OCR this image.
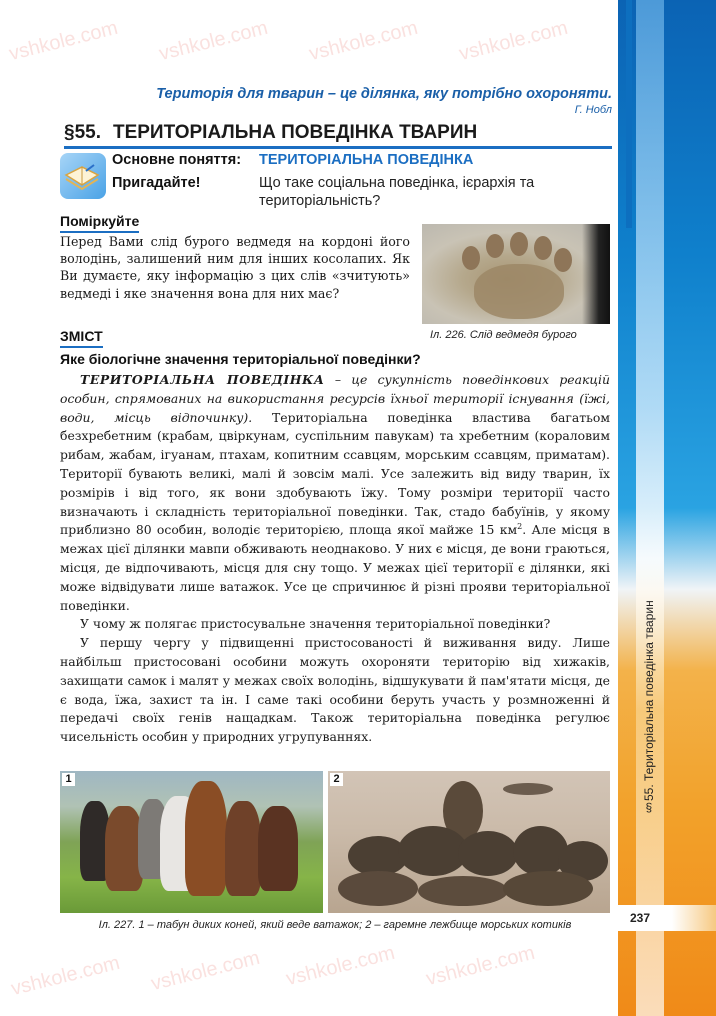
vshkole.com vshkole.com vshkole.com vshkole.com
vshkole.com vshkole.com vshkole.com vshkole.com
Територія для тварин – це ділянка, яку потрібно охороняти.
Г. Нобл
§55. ТЕРИТОРІАЛЬНА ПОВЕДІНКА ТВАРИН
Основне поняття:	ТЕРИТОРІАЛЬНА ПОВЕДІНКА
Пригадайте!	Що таке соціальна поведінка, ієрархія та територіальність?
Поміркуйте
Перед Вами слід бурого ведмедя на кордоні його володінь, залишений ним для інших косолапих. Як Ви думаєте, яку інформацію з цих слів «зчитують» ведмеді і яке значення вона для них має?
Іл. 226. Слід ведмедя бурого
ЗМІСТ
Яке біологічне значення територіальної поведінки?

ТЕРИТОРІАЛЬНА ПОВЕДІНКА – це сукупність поведінкових реакцій особин, спрямованих на використання ресурсів їхньої території існування (їжі, води, місць відпочинку). Територіальна поведінка властива багатьом безхребетним (крабам, цвіркунам, суспільним павукам) та хребетним (кораловим рибам, жабам, ігуанам, птахам, копитним ссавцям, морським ссавцям, приматам). Території бувають великі, малі й зовсім малі. Усе залежить від виду тварин, їх розмірів і від того, як вони здобувають їжу. Тому розміри території часто визначають і складність територіальної поведінки. Так, стадо бабуїнів, у якому приблизно 80 особин, володіє територією, площа якої майже 15 $км^2$. Але місця в межах цієї ділянки мавпи обживають неоднаково. У них є місця, де вони граються, місця, де відпочивають, місця для сну тощо. У межах цієї території є ділянки, які може відвідувати лише ватажок. Усе це спричинює й різні прояви територіальної поведінки.

У чому ж полягає пристосувальне значення територіальної поведінки?

У першу чергу у підвищенні пристосованості й виживання виду. Лише найбільш пристосовані особини можуть охороняти територію від хижаків, захищати самок і малят у межах своїх володінь, відшукувати й пам'ятати місця, де є вода, їжа, захист та ін. І саме такі особини беруть участь у розмноженні й передачі своїх генів нащадкам. Також територіальна поведінка регулює чисельність особин у природних угрупуваннях.

1	2
Іл. 227. 1 – табун диких коней, який веде ватажок; 2 – гаремне лежбище морських котиків
§55. Територіальна поведінка тварин
237
